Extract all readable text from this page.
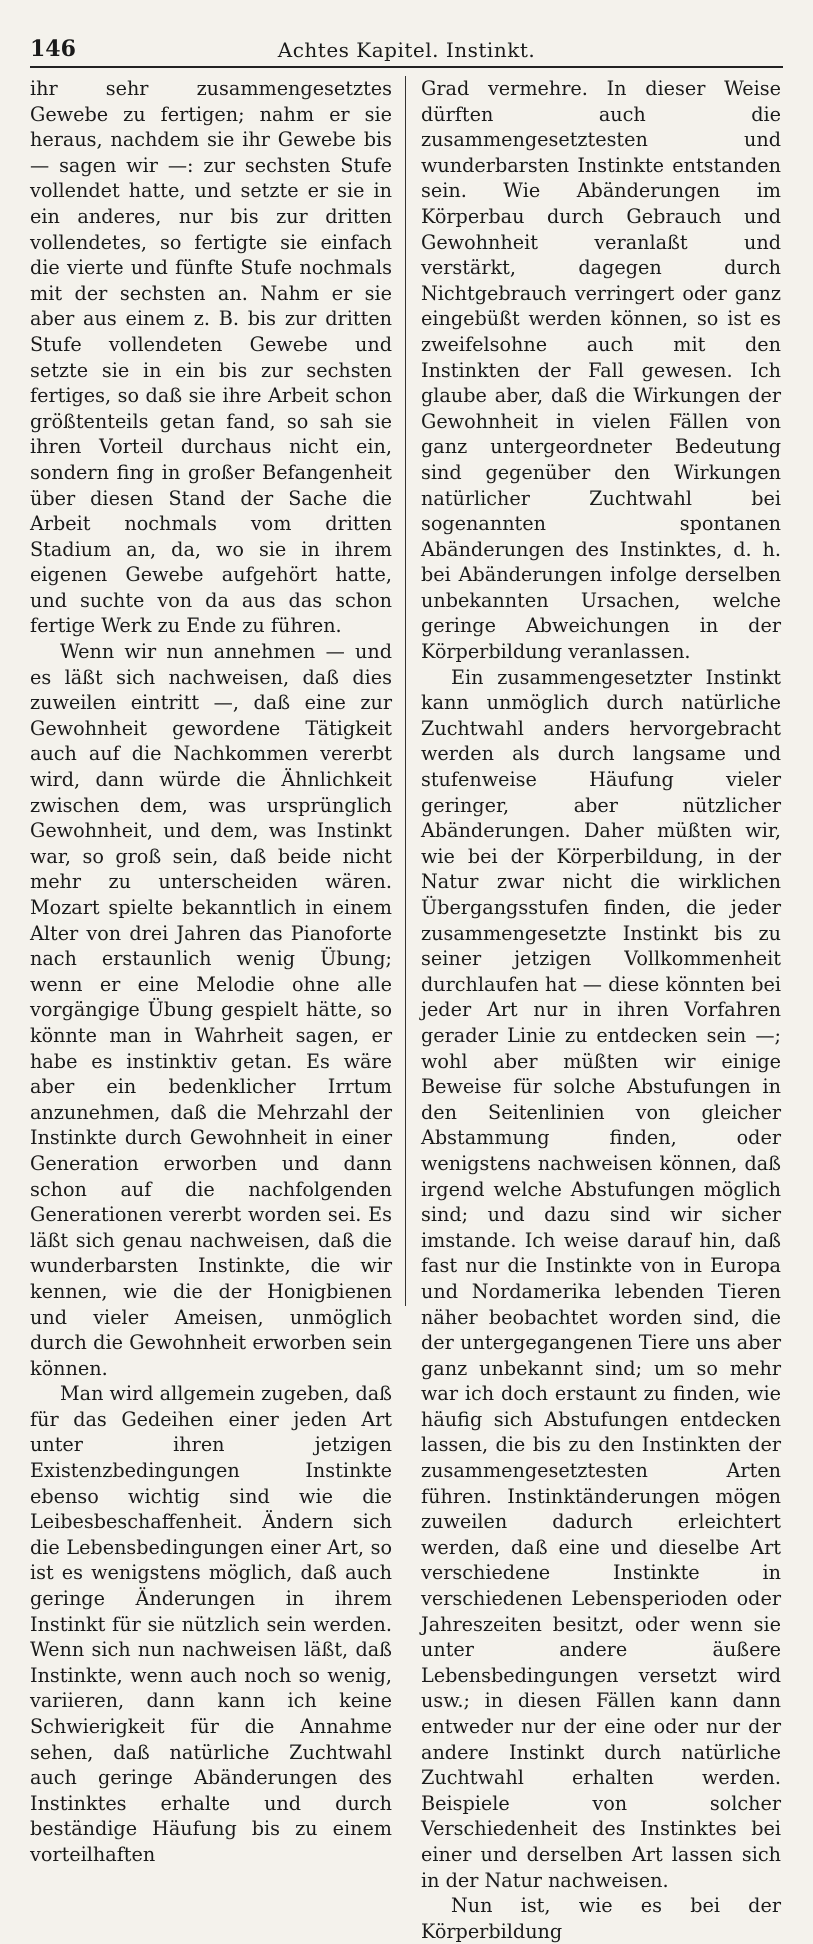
146	Achtes Kapitel. Instinkt.

ihr sehr zusammengesetztes Gewebe zu fertigen; nahm er sie heraus, nachdem sie ihr Gewebe bis — sagen wir —: zur sechsten Stufe vollendet hatte, und setzte er sie in ein anderes, nur bis zur dritten vollendetes, so fertigte sie einfach die vierte und fünfte Stufe nochmals mit der sechsten an. Nahm er sie aber aus einem z. B. bis zur dritten Stufe vollendeten Gewebe und setzte sie in ein bis zur sechsten fertiges, so daß sie ihre Arbeit schon größtenteils getan fand, so sah sie ihren Vorteil durchaus nicht ein, sondern fing in großer Befangenheit über diesen Stand der Sache die Arbeit nochmals vom dritten Stadium an, da, wo sie in ihrem eigenen Gewebe aufgehört hatte, und suchte von da aus das schon fertige Werk zu Ende zu führen.

Wenn wir nun annehmen — und es läßt sich nachweisen, daß dies zuweilen eintritt —, daß eine zur Gewohnheit gewordene Tätigkeit auch auf die Nachkommen vererbt wird, dann würde die Ähnlichkeit zwischen dem, was ursprünglich Gewohnheit, und dem, was Instinkt war, so groß sein, daß beide nicht mehr zu unterscheiden wären. Mozart spielte bekanntlich in einem Alter von drei Jahren das Pianoforte nach erstaunlich wenig Übung; wenn er eine Melodie ohne alle vorgängige Übung gespielt hätte, so könnte man in Wahrheit sagen, er habe es instinktiv getan. Es wäre aber ein bedenklicher Irrtum anzunehmen, daß die Mehrzahl der Instinkte durch Gewohnheit in einer Generation erworben und dann schon auf die nachfolgenden Generationen vererbt worden sei. Es läßt sich genau nachweisen, daß die wunderbarsten Instinkte, die wir kennen, wie die der Honigbienen und vieler Ameisen, unmöglich durch die Gewohnheit erworben sein können.

Man wird allgemein zugeben, daß für das Gedeihen einer jeden Art unter ihren jetzigen Existenzbedingungen Instinkte ebenso wichtig sind wie die Leibesbeschaffenheit. Ändern sich die Lebensbedingungen einer Art, so ist es wenigstens möglich, daß auch geringe Änderungen in ihrem Instinkt für sie nützlich sein werden. Wenn sich nun nachweisen läßt, daß Instinkte, wenn auch noch so wenig, variieren, dann kann ich keine Schwierigkeit für die Annahme sehen, daß natürliche Zuchtwahl auch geringe Abänderungen des Instinktes erhalte und durch beständige Häufung bis zu einem vorteilhaften

Grad vermehre. In dieser Weise dürften auch die zusammengesetztesten und wunderbarsten Instinkte entstanden sein. Wie Abänderungen im Körperbau durch Gebrauch und Gewohnheit veranlaßt und verstärkt, dagegen durch Nichtgebrauch verringert oder ganz eingebüßt werden können, so ist es zweifelsohne auch mit den Instinkten der Fall gewesen. Ich glaube aber, daß die Wirkungen der Gewohnheit in vielen Fällen von ganz untergeordneter Bedeutung sind gegenüber den Wirkungen natürlicher Zuchtwahl bei sogenannten spontanen Abänderungen des Instinktes, d. h. bei Abänderungen infolge derselben unbekannten Ursachen, welche geringe Abweichungen in der Körperbildung veranlassen.

Ein zusammengesetzter Instinkt kann unmöglich durch natürliche Zuchtwahl anders hervorgebracht werden als durch langsame und stufenweise Häufung vieler geringer, aber nützlicher Abänderungen. Daher müßten wir, wie bei der Körperbildung, in der Natur zwar nicht die wirklichen Übergangsstufen finden, die jeder zusammengesetzte Instinkt bis zu seiner jetzigen Vollkommenheit durchlaufen hat — diese könnten bei jeder Art nur in ihren Vorfahren gerader Linie zu entdecken sein —; wohl aber müßten wir einige Beweise für solche Abstufungen in den Seitenlinien von gleicher Abstammung finden, oder wenigstens nachweisen können, daß irgend welche Abstufungen möglich sind; und dazu sind wir sicher imstande. Ich weise darauf hin, daß fast nur die Instinkte von in Europa und Nordamerika lebenden Tieren näher beobachtet worden sind, die der untergegangenen Tiere uns aber ganz unbekannt sind; um so mehr war ich doch erstaunt zu finden, wie häufig sich Abstufungen entdecken lassen, die bis zu den Instinkten der zusammengesetztesten Arten führen. Instinktänderungen mögen zuweilen dadurch erleichtert werden, daß eine und dieselbe Art verschiedene Instinkte in verschiedenen Lebensperioden oder Jahreszeiten besitzt, oder wenn sie unter andere äußere Lebensbedingungen versetzt wird usw.; in diesen Fällen kann dann entweder nur der eine oder nur der andere Instinkt durch natürliche Zuchtwahl erhalten werden. Beispiele von solcher Verschiedenheit des Instinktes bei einer und derselben Art lassen sich in der Natur nachweisen.

Nun ist, wie es bei der Körperbildung
